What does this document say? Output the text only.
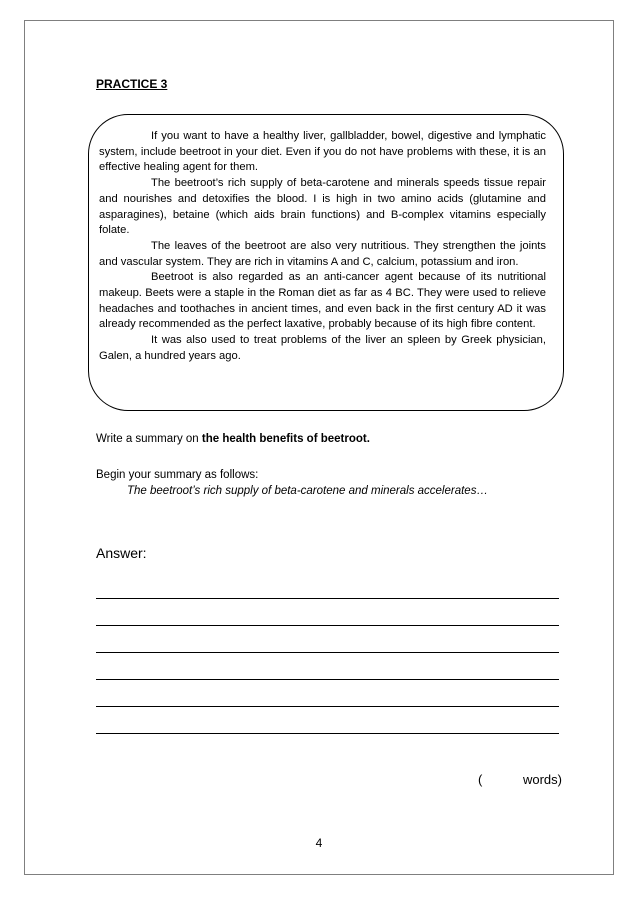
PRACTICE 3

If you want to have a healthy liver, gallbladder, bowel, digestive and lymphatic system, include beetroot in your diet. Even if you do not have problems with these, it is an effective healing agent for them.

The beetroot’s rich supply of beta-carotene and minerals speeds tissue repair and nourishes and detoxifies the blood. I is high in two amino acids (glutamine and asparagines), betaine (which aids brain functions) and B-complex vitamins especially folate.

The leaves of the beetroot are also very nutritious. They strengthen the joints and vascular system. They are rich in vitamins A and C, calcium, potassium and iron.

Beetroot is also regarded as an anti-cancer agent because of its nutritional makeup. Beets were a staple in the Roman diet as far as 4 BC. They were used to relieve headaches and toothaches in ancient times, and even back in the first century AD it was already recommended as the perfect laxative, probably because of its high fibre content.

It was also used to treat problems of the liver an spleen by Greek physician, Galen, a hundred years ago.

Write a summary on the health benefits of beetroot.
Begin your summary as follows:
The beetroot’s rich supply of beta-carotene and minerals accelerates…
Answer:
(	words)
4
